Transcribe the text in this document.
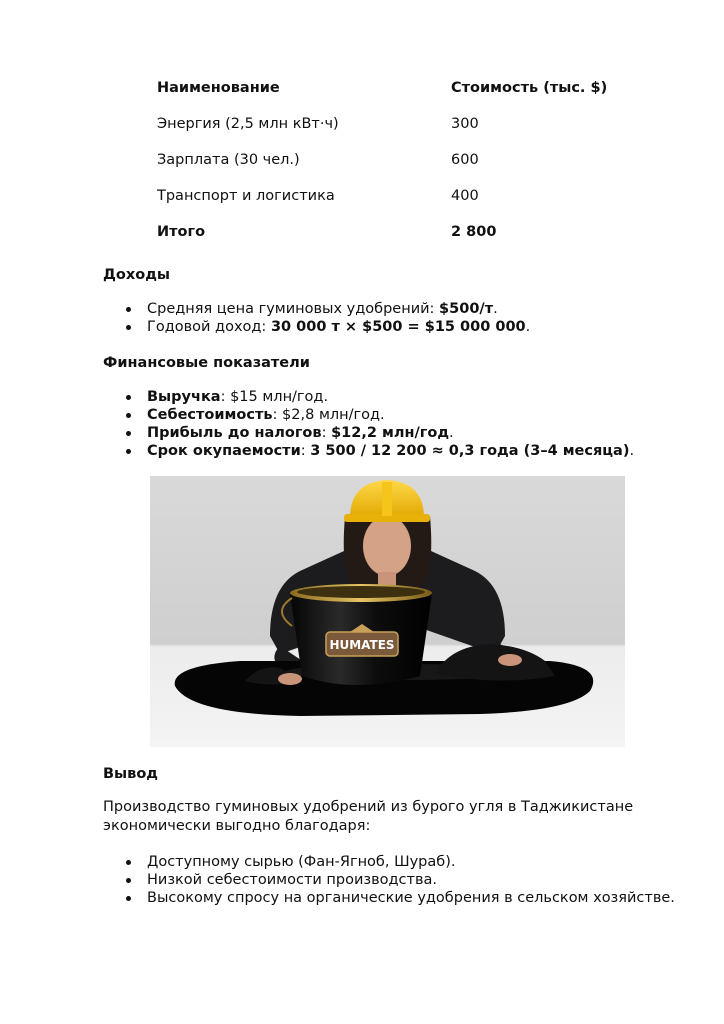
Наименование	Стоимость (тыс. $)
Энергия (2,5 млн кВт·ч)	300
Зарплата (30 чел.)	600
Транспорт и логистика	400
Итого	2 800
Доходы
Средняя цена гуминовых удобрений: $500/т.
Годовой доход: 30 000 т × $500 = $15 000 000.
Финансовые показатели
Выручка: $15 млн/год.
Себестоимость: $2,8 млн/год.
Прибыль до налогов: $12,2 млн/год.
Срок окупаемости: 3 500 / 12 200 ≈ 0,3 года (3–4 месяца).
HUMATES
Вывод

Производство гуминовых удобрений из бурого угля в Таджикистане экономически выгодно благодаря:

Доступному сырью (Фан-Ягноб, Шураб).
Низкой себестоимости производства.
Высокому спросу на органические удобрения в сельском хозяйстве.
